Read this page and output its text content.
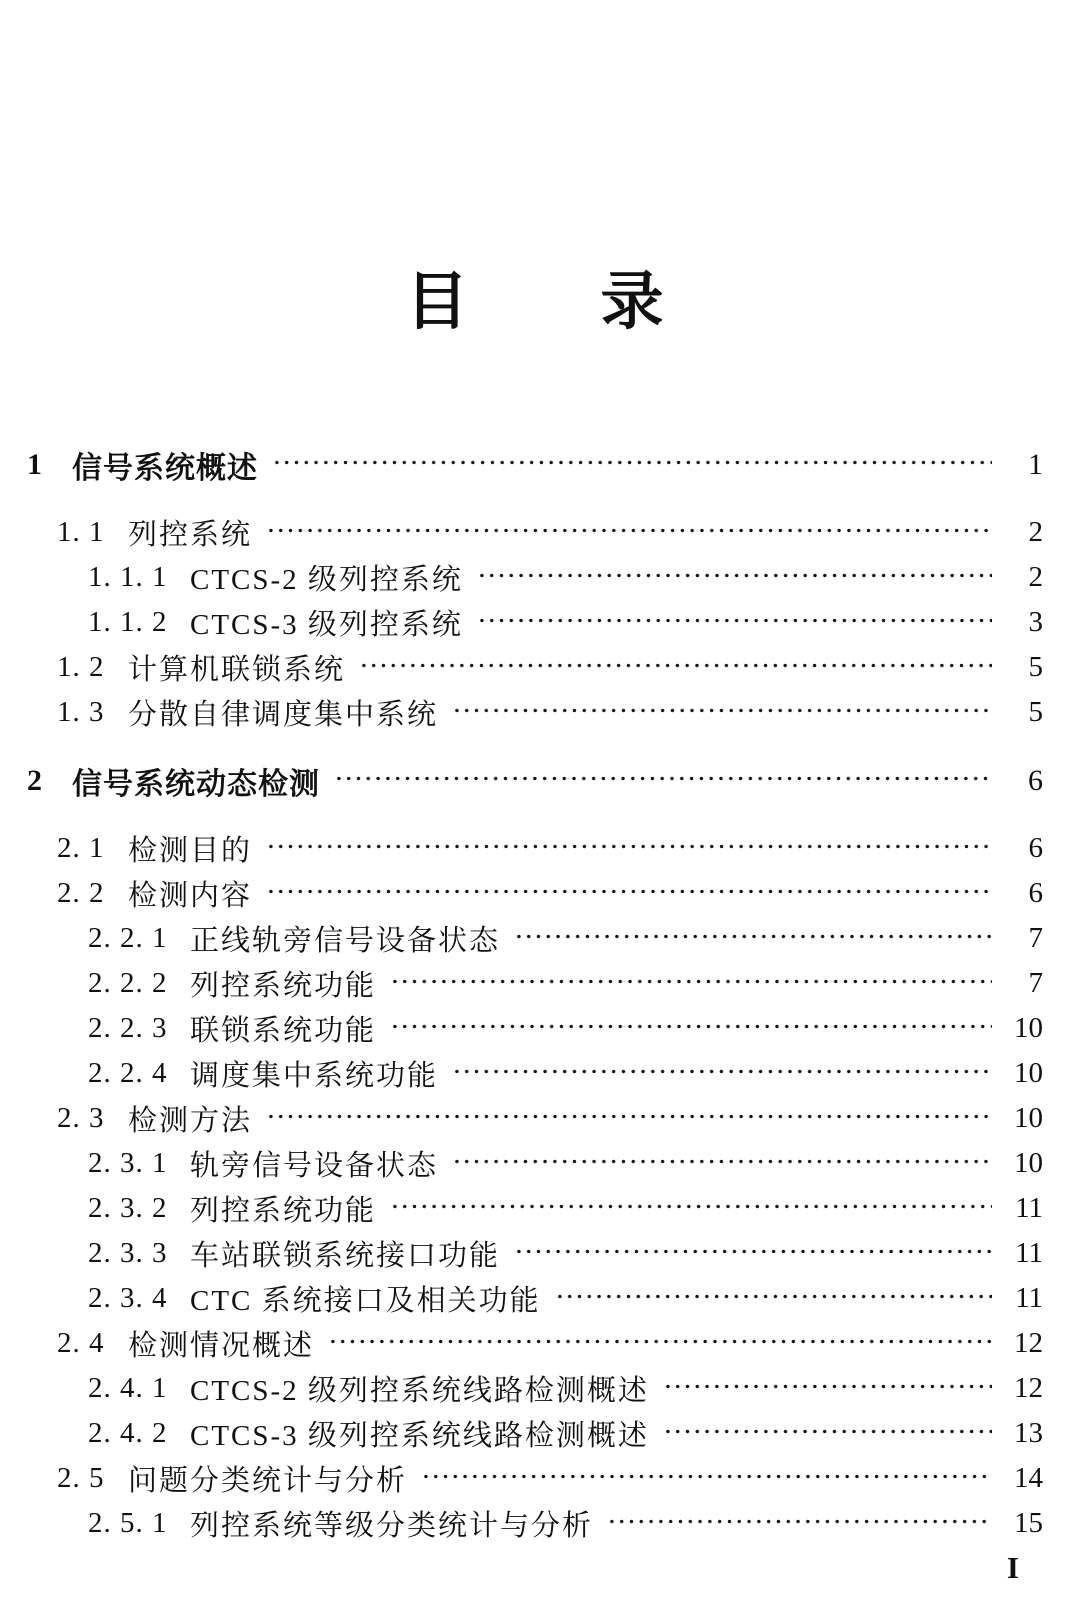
目　　录
1 信号系统概述	1
1. 1 列控系统	2
1. 1. 1 CTCS-2 级列控系统	2
1. 1. 2 CTCS-3 级列控系统	3
1. 2 计算机联锁系统	5
1. 3 分散自律调度集中系统	5
2 信号系统动态检测	6
2. 1 检测目的	6
2. 2 检测内容	6
2. 2. 1 正线轨旁信号设备状态	7
2. 2. 2 列控系统功能	7
2. 2. 3 联锁系统功能	10
2. 2. 4 调度集中系统功能	10
2. 3 检测方法	10
2. 3. 1 轨旁信号设备状态	10
2. 3. 2 列控系统功能	11
2. 3. 3 车站联锁系统接口功能	11
2. 3. 4 CTC 系统接口及相关功能	11
2. 4 检测情况概述	12
2. 4. 1 CTCS-2 级列控系统线路检测概述	12
2. 4. 2 CTCS-3 级列控系统线路检测概述	13
2. 5 问题分类统计与分析	14
2. 5. 1 列控系统等级分类统计与分析	15
I
